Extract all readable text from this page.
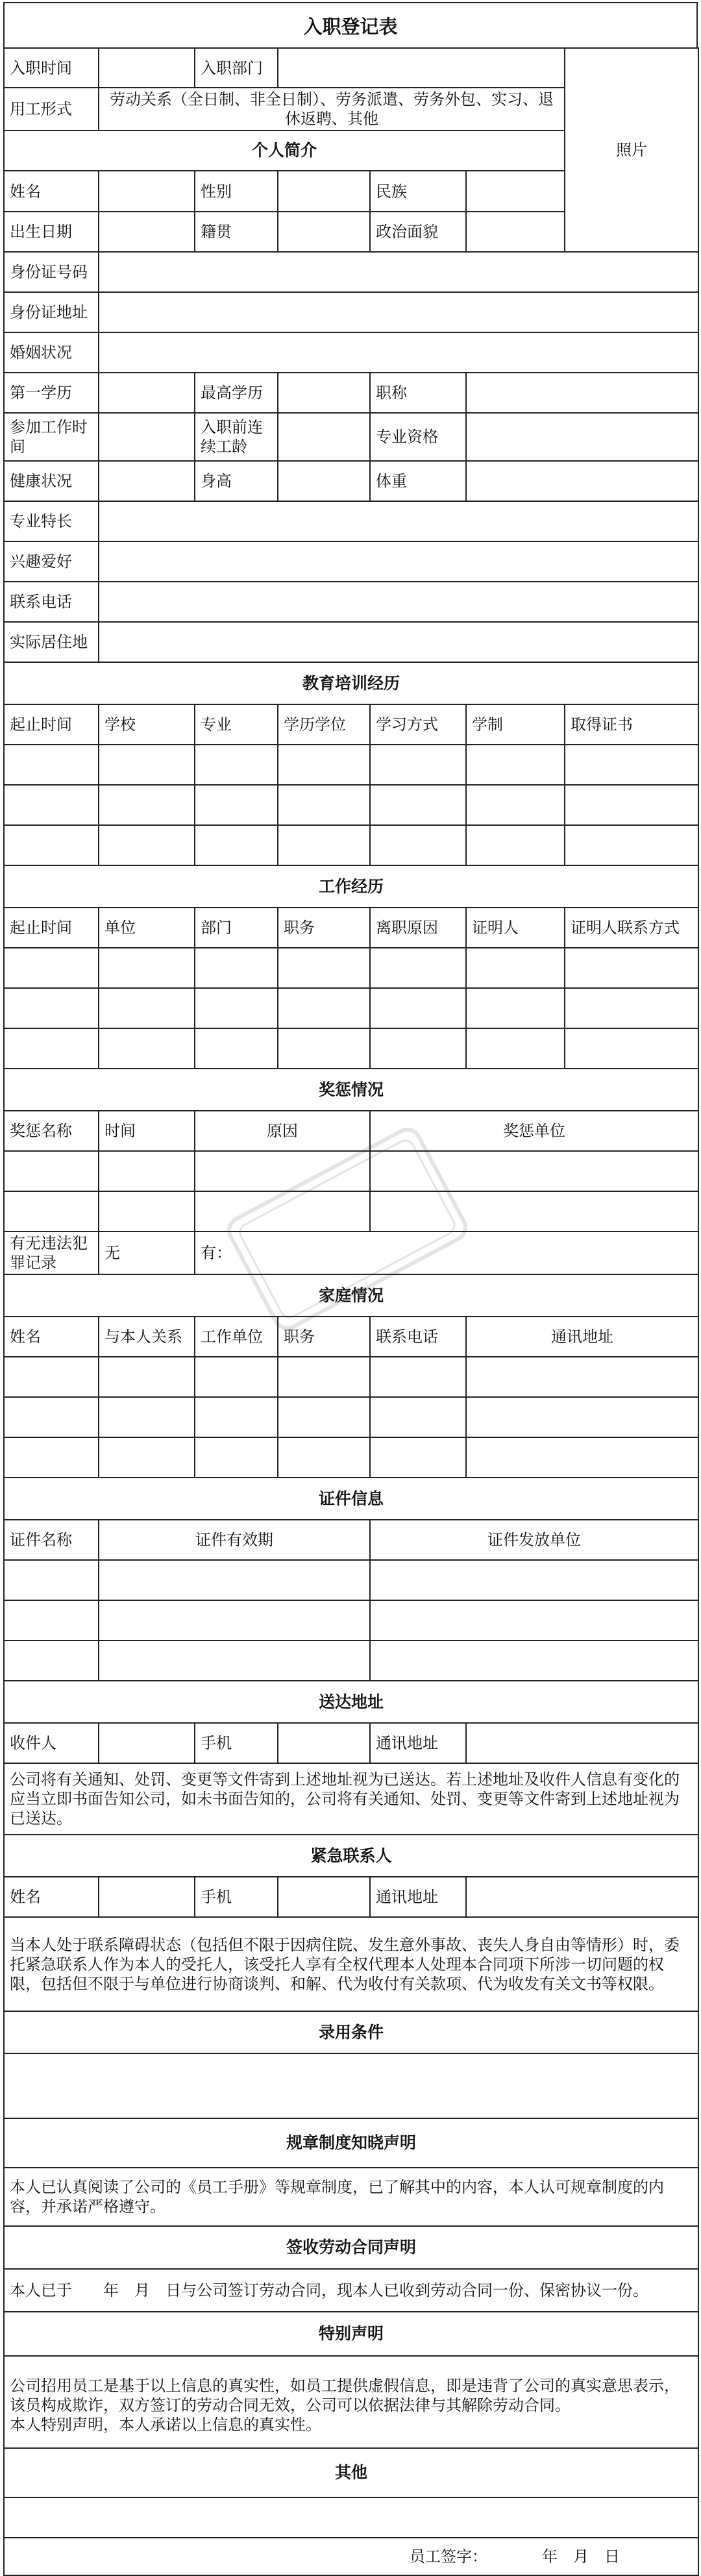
入职登记表
入职时间		入职部门				照片
用工形式	劳动关系（全日制、非全日制）、劳务派遣、劳务外包、实习、退休返聘、其他					
个人简介						
姓名		性别		民族		
出生日期		籍贯		政治面貌		
身份证号码						
身份证地址						
婚姻状况						
第一学历		最高学历		职称		
参加工作时间		入职前连续工龄		专业资格		
健康状况		身高		体重		
专业特长						
兴趣爱好						
联系电话						
实际居住地						
教育培训经历						
起止时间	学校	专业	学历学位	学习方式	学制	取得证书

工作经历						
起止时间	单位	部门	职务	离职原因	证明人	证明人联系方式

奖惩情况						
奖惩名称	时间	原因		奖惩单位		

有无违法犯罪记录	无	有：				
家庭情况						
姓名	与本人关系	工作单位	职务	联系电话	通讯地址	

证件信息						
证件名称	证件有效期			证件发放单位		

送达地址						
收件人		手机		通讯地址		
公司将有关通知、处罚、变更等文件寄到上述地址视为已送达。若上述地址及收件人信息有变化的应当立即书面告知公司，如未书面告知的，公司将有关通知、处罚、变更等文件寄到上述地址视为已送达。						
紧急联系人						
姓名		手机		通讯地址		
当本人处于联系障碍状态（包括但不限于因病住院、发生意外事故、丧失人身自由等情形）时，委托紧急联系人作为本人的受托人，该受托人享有全权代理本人处理本合同项下所涉一切问题的权限，包括但不限于与单位进行协商谈判、和解、代为收付有关款项、代为收发有关文书等权限。						
录用条件						

规章制度知晓声明						
本人已认真阅读了公司的《员工手册》等规章制度，已了解其中的内容，本人认可规章制度的内容，并承诺严格遵守。						
签收劳动合同声明						
本人已于　　年　月　日与公司签订劳动合同，现本人已收到劳动合同一份、保密协议一份。						
特别声明						

公司招用员工是基于以上信息的真实性，如员工提供虚假信息，即是违背了公司的真实意思表示，该员构成欺诈，双方签订的劳动合同无效，公司可以依据法律与其解除劳动合同。
本人特别声明，本人承诺以上信息的真实性。						

其他						

员工签字：　　　　年　月　日						
